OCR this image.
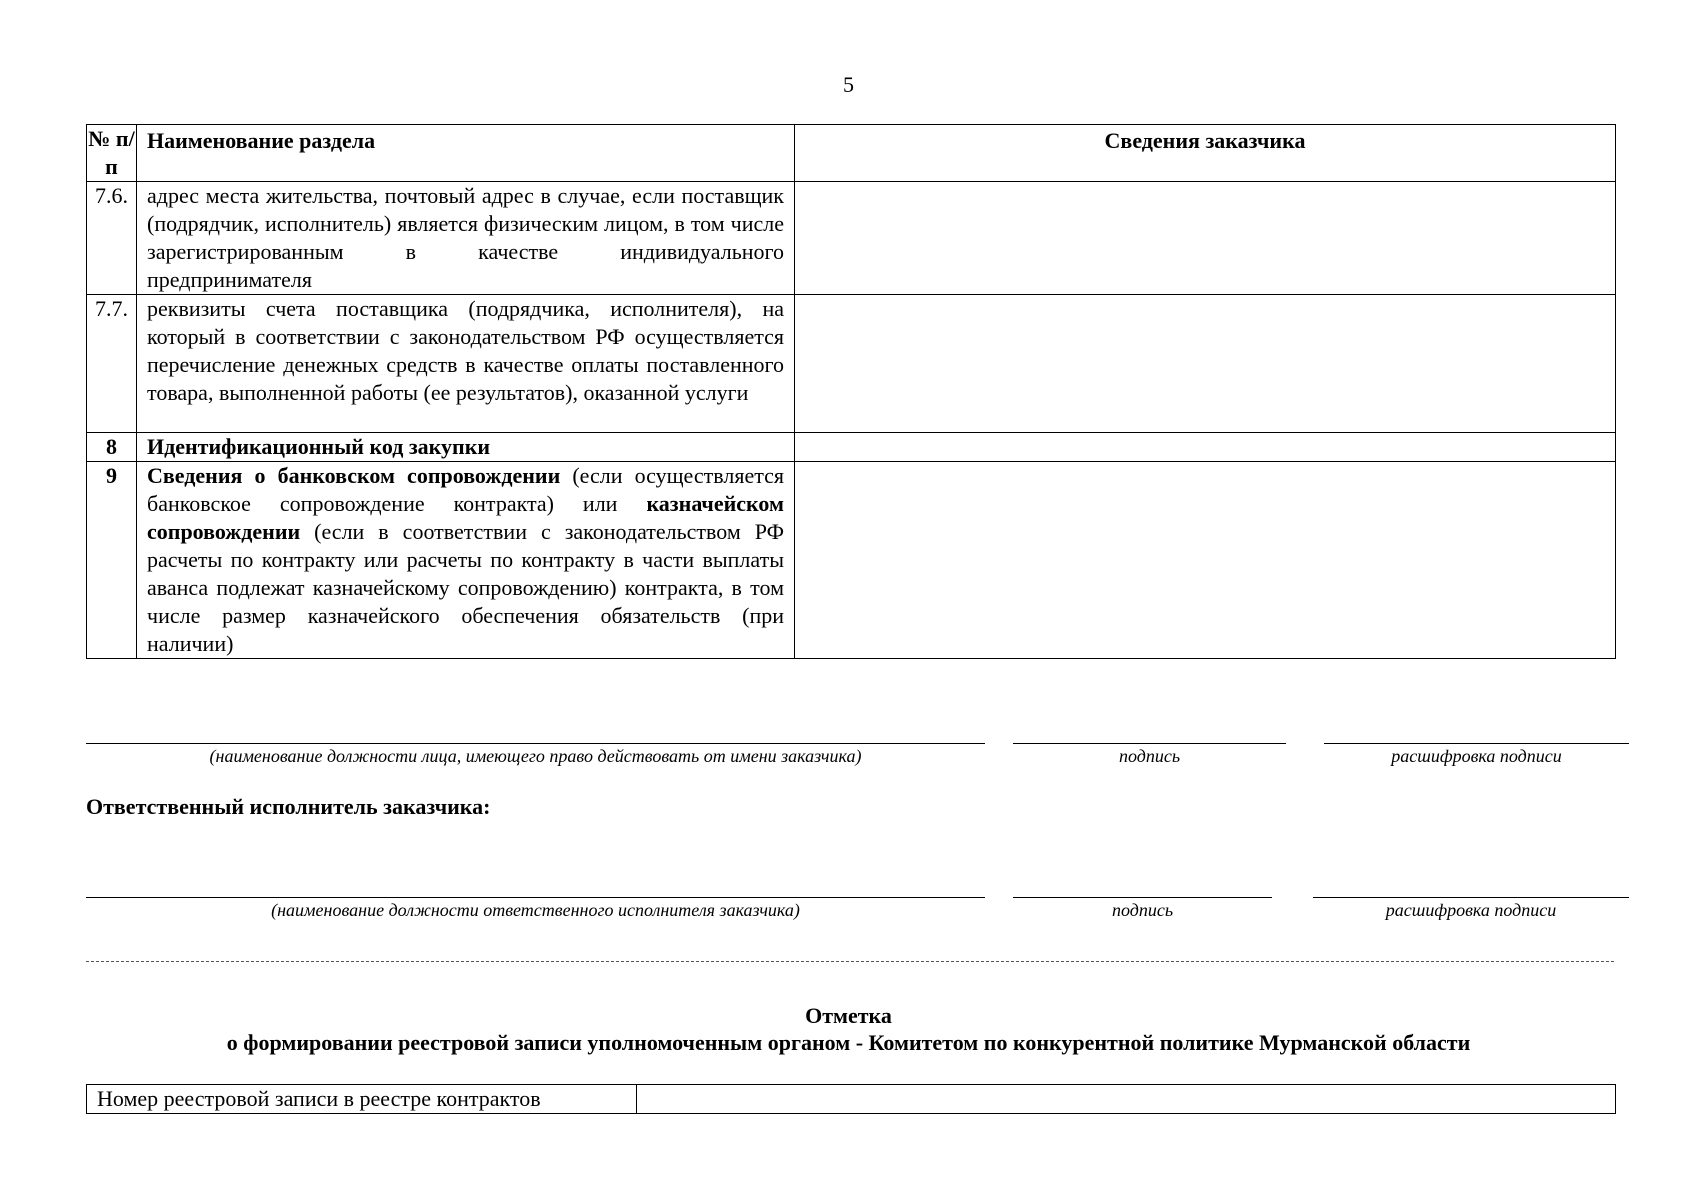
5
№ п/п	Наименование раздела	Сведения заказчика
7.6.	адрес места жительства, почтовый адрес в случае, если поставщик (подрядчик, исполнитель) является физическим лицом, в том числе зарегистрированным в качестве индивидуального предпринимателя	
7.7.	реквизиты счета поставщика (подрядчика, исполнителя), на который в соответствии с законодательством РФ осуществляется перечисление денежных средств в качестве оплаты поставленного товара, выполненной работы (ее результатов), оказанной услуги	
8	Идентификационный код закупки	
9	Сведения о банковском сопровождении (если осуществляется банковское сопровождение контракта) или казначейском сопровождении (если в соответствии с законодательством РФ расчеты по контракту или расчеты по контракту в части выплаты аванса подлежат казначейскому сопровождению) контракта, в том числе размер казначейского обеспечения обязательств (при наличии)	
(наименование должности лица, имеющего право действовать от имени заказчика)	подпись	расшифровка подписи
Ответственный исполнитель заказчика:
(наименование должности ответственного исполнителя заказчика)	подпись	расшифровка подписи
Отметка
о формировании реестровой записи уполномоченным органом - Комитетом по конкурентной политике Мурманской области
Номер реестровой записи в реестре контрактов	
